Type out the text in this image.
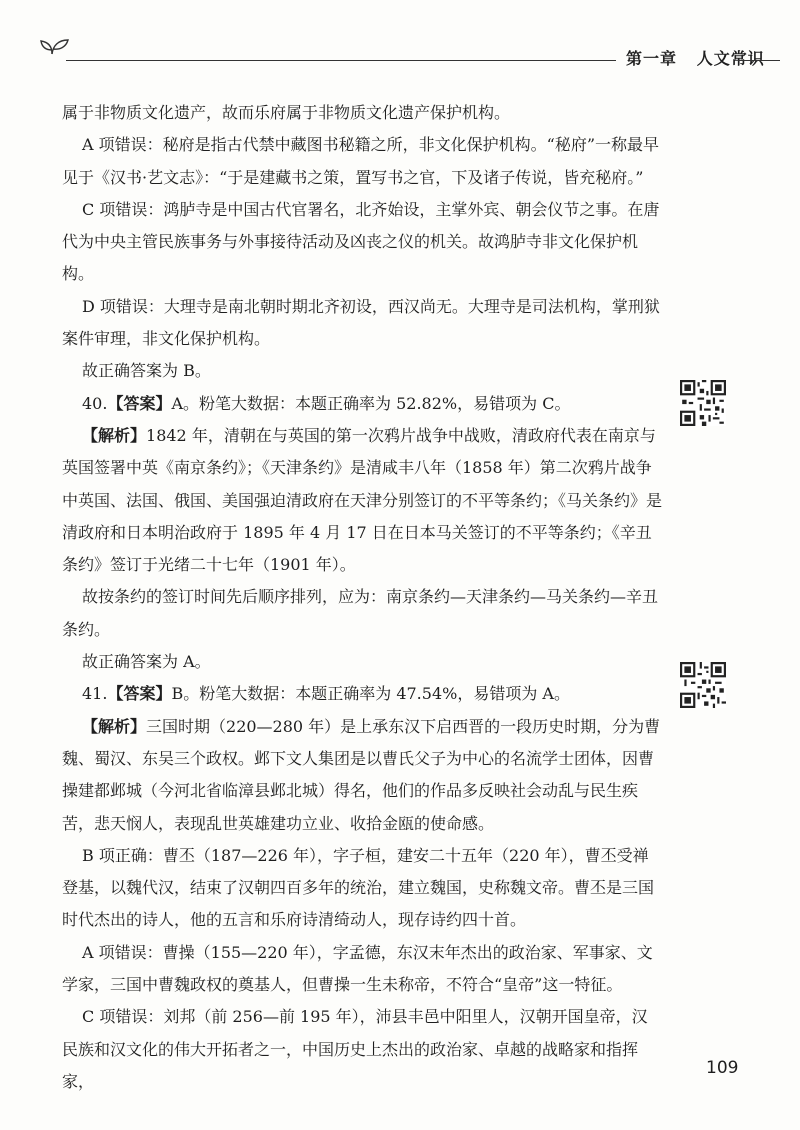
第一章 人文常识

属于非物质文化遗产，故而乐府属于非物质文化遗产保护机构。

A 项错误：秘府是指古代禁中藏图书秘籍之所，非文化保护机构。“秘府”一称最早见于《汉书·艺文志》：“于是建藏书之策，置写书之官，下及诸子传说，皆充秘府。”

C 项错误：鸿胪寺是中国古代官署名，北齐始设，主掌外宾、朝会仪节之事。在唐代为中央主管民族事务与外事接待活动及凶丧之仪的机关。故鸿胪寺非文化保护机构。

D 项错误：大理寺是南北朝时期北齐初设，西汉尚无。大理寺是司法机构，掌刑狱案件审理，非文化保护机构。

故正确答案为 B。

40.【答案】A。粉笔大数据：本题正确率为 52.82%，易错项为 C。

【解析】1842 年，清朝在与英国的第一次鸦片战争中战败，清政府代表在南京与英国签署中英《南京条约》；《天津条约》是清咸丰八年（1858 年）第二次鸦片战争中英国、法国、俄国、美国强迫清政府在天津分别签订的不平等条约；《马关条约》是清政府和日本明治政府于 1895 年 4 月 17 日在日本马关签订的不平等条约；《辛丑条约》签订于光绪二十七年（1901 年）。

故按条约的签订时间先后顺序排列，应为：南京条约—天津条约—马关条约—辛丑条约。

故正确答案为 A。

41.【答案】B。粉笔大数据：本题正确率为 47.54%，易错项为 A。

【解析】三国时期（220—280 年）是上承东汉下启西晋的一段历史时期，分为曹魏、蜀汉、东吴三个政权。邺下文人集团是以曹氏父子为中心的名流学士团体，因曹操建都邺城（今河北省临漳县邺北城）得名，他们的作品多反映社会动乱与民生疾苦，悲天悯人，表现乱世英雄建功立业、收拾金瓯的使命感。

B 项正确：曹丕（187—226 年），字子桓，建安二十五年（220 年），曹丕受禅登基，以魏代汉，结束了汉朝四百多年的统治，建立魏国，史称魏文帝。曹丕是三国时代杰出的诗人，他的五言和乐府诗清绮动人，现存诗约四十首。

A 项错误：曹操（155—220 年），字孟德，东汉末年杰出的政治家、军事家、文学家，三国中曹魏政权的奠基人，但曹操一生未称帝，不符合“皇帝”这一特征。

C 项错误：刘邦（前 256—前 195 年），沛县丰邑中阳里人，汉朝开国皇帝，汉民族和汉文化的伟大开拓者之一，中国历史上杰出的政治家、卓越的战略家和指挥家，

109
